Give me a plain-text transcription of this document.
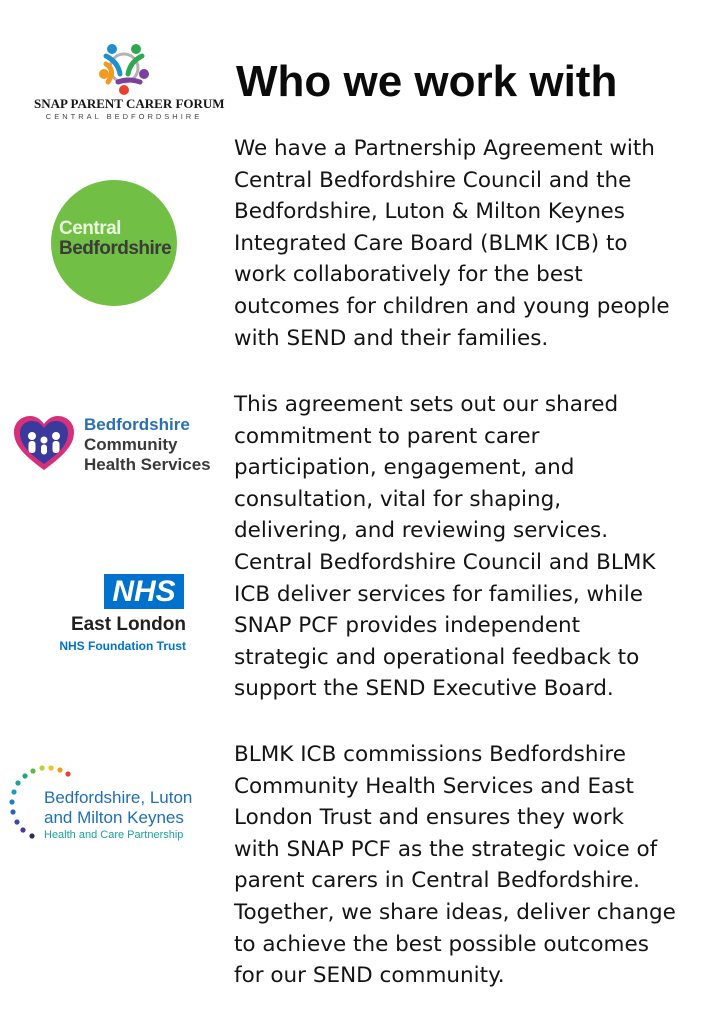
SNAP PARENT CARER FORUM
CENTRAL BEDFORDSHIRE
Who we work with
We have a Partnership Agreement with
Central Bedfordshire Council and the
Bedfordshire, Luton & Milton Keynes
Integrated Care Board (BLMK ICB) to
work collaboratively for the best
outcomes for children and young people
with SEND and their families.
This agreement sets out our shared
commitment to parent carer
participation, engagement, and
consultation, vital for shaping,
delivering, and reviewing services.
Central Bedfordshire Council and BLMK
ICB deliver services for families, while
SNAP PCF provides independent
strategic and operational feedback to
support the SEND Executive Board.
BLMK ICB commissions Bedfordshire
Community Health Services and East
London Trust and ensures they work
with SNAP PCF as the strategic voice of
parent carers in Central Bedfordshire.
Together, we share ideas, deliver change
to achieve the best possible outcomes
for our SEND community.
Central
Bedfordshire
Bedfordshire
Community
Health Services
NHS
East London
NHS Foundation Trust
Bedfordshire, Luton
and Milton Keynes
Health and Care Partnership
